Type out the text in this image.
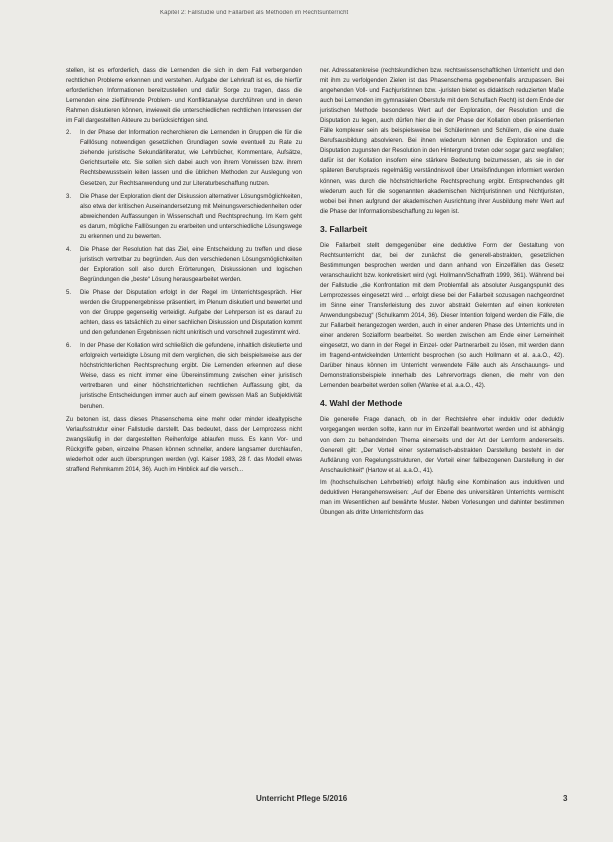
Kapitel 2: Fallstudie und Fallarbeit als Methoden im Rechtsunterricht

stellen, ist es erforderlich, dass die Lernenden die sich in dem Fall verbergenden rechtlichen Probleme erkennen und verstehen. Aufgabe der Lehrkraft ist es, die hierfür erforderlichen Informationen bereitzustellen und dafür Sorge zu tragen, dass die Lernenden eine zielführende Problem- und Konfliktanalyse durchführen und in deren Rahmen diskutieren können, inwieweit die unterschiedlichen rechtlichen Interessen der im Fall dargestellten Akteure zu berücksichtigen sind.

2.	In der Phase der Information recherchieren die Lernenden in Gruppen die für die Falllösung notwendigen gesetzlichen Grundlagen sowie eventuell zu Rate zu ziehende juristische Sekundärliteratur, wie Lehrbücher, Kommentare, Aufsätze, Gerichtsurteile etc. Sie sollen sich dabei auch von ihrem Vorwissen bzw. ihrem Rechtsbewusstsein leiten lassen und die üblichen Methoden zur Auslegung von Gesetzen, zur Rechtsanwendung und zur Literaturbeschaffung nutzen.
3.	Die Phase der Exploration dient der Diskussion alternativer Lösungsmöglichkeiten, also etwa der kritischen Auseinandersetzung mit Meinungsverschiedenheiten oder abweichenden Auffassungen in Wissenschaft und Rechtsprechung. Im Kern geht es darum, mögliche Falllösungen zu erarbeiten und unterschiedliche Lösungswege zu erkennen und zu bewerten.
4.	Die Phase der Resolution hat das Ziel, eine Entscheidung zu treffen und diese juristisch vertretbar zu begründen. Aus den verschiedenen Lösungsmöglichkeiten der Exploration soll also durch Erörterungen, Diskussionen und logischen Begründungen die „beste“ Lösung herausgearbeitet werden.
5.	Die Phase der Disputation erfolgt in der Regel im Unterrichtsgespräch. Hier werden die Gruppenergebnisse präsentiert, im Plenum diskutiert und bewertet und von der Gruppe gegenseitig verteidigt. Aufgabe der Lehrperson ist es darauf zu achten, dass es tatsächlich zu einer sachlichen Diskussion und Disputation kommt und den gefundenen Ergebnissen nicht unkritisch und vorschnell zugestimmt wird.
6.	In der Phase der Kollation wird schließlich die gefundene, inhaltlich diskutierte und erfolgreich verteidigte Lösung mit dem verglichen, die sich beispielsweise aus der höchstrichterlichen Rechtsprechung ergibt. Die Lernenden erkennen auf diese Weise, dass es nicht immer eine Übereinstimmung zwischen einer juristisch vertretbaren und einer höchstrichterlichen rechtlichen Auffassung gibt, da juristische Entscheidungen immer auch auf einem gewissen Maß an Subjektivität beruhen.

Zu betonen ist, dass dieses Phasenschema eine mehr oder minder idealtypische Verlaufsstruktur einer Fallstudie darstellt. Das bedeutet, dass der Lernprozess nicht zwangsläufig in der dargestellten Reihenfolge ablaufen muss. Es kann Vor- und Rückgriffe geben, einzelne Phasen können schneller, andere langsamer durchlaufen, wiederholt oder auch übersprungen werden (vgl. Kaiser 1983, 28 f. das Modell etwas straffend Rehmkamm 2014, 36). Auch im Hinblick auf die versch...

ner. Adressatenkreise (rechtskundlichen bzw. rechtswissenschaftlichen Unterricht und den mit ihm zu verfolgenden Zielen ist das Phasenschema gegebenenfalls anzupassen. Bei angehenden Voll- und Fachjuristinnen bzw. -juristen bietet es didaktisch reduzierten Maße auch bei Lernenden im gymnasialen Oberstufe mit dem Schulfach Recht) ist dem Ende der juristischen Methode besonderes Wert auf der Exploration, der Resolution und die Disputation zu legen, auch dürfen hier die in der Phase der Kollation oben präsentierten Fälle komplexer sein als beispielsweise bei Schülerinnen und Schülern, die eine duale Berufsausbildung absolvieren. Bei ihnen wiederum können die Exploration und die Disputation zugunsten der Resolution in den Hintergrund treten oder sogar ganz wegfallen; dafür ist der Kollation insofern eine stärkere Bedeutung beizumessen, als sie in der späteren Berufspraxis regelmäßig verständnisvoll über Urteilsfindungen informiert werden können, was durch die höchstrichterliche Rechtsprechung ergibt. Entsprechendes gilt wiederum auch für die sogenannten akademischen Nichtjuristinnen und Nichtjuristen, wobei bei ihnen aufgrund der akademischen Ausrichtung ihrer Ausbildung mehr Wert auf die Phase der Informationsbeschaffung zu legen ist.

3. Fallarbeit

Die Fallarbeit stellt demgegenüber eine deduktive Form der Gestaltung von Rechtsunterricht dar, bei der zunächst die generell-abstrakten, gesetzlichen Bestimmungen besprochen werden und dann anhand von Einzelfällen das Gesetz veranschaulicht bzw. konkretisiert wird (vgl. Hollmann/Schaffrath 1999, 361). Während bei der Fallstudie „die Konfrontation mit dem Problemfall als absoluter Ausgangspunkt des Lernprozesses eingesetzt wird ... erfolgt diese bei der Fallarbeit sozusagen nachgeordnet im Sinne einer Transferleistung des zuvor abstrakt Gelernten auf einen konkreten Anwendungsbezug“ (Schulkamm 2014, 36). Dieser Intention folgend werden die Fälle, die zur Fallarbeit herangezogen werden, auch in einer anderen Phase des Unterrichts und in einer anderen Sozialform bearbeitet. So werden zwischen am Ende einer Lerneinheit eingesetzt, wo dann in der Regel in Einzel- oder Partnerarbeit zu lösen, mit werden dann im fragend-entwickelnden Unterricht besprochen (so auch Hollmann et al. a.a.O., 42). Darüber hinaus können im Unterricht verwendete Fälle auch als Anschauungs- und Demonstrationsbeispiele innerhalb des Lehrervortrags dienen, die mehr von den Lernenden bearbeitet werden sollen (Wanke et al. a.a.O., 42).

4. Wahl der Methode

Die generelle Frage danach, ob in der Rechtslehre eher induktiv oder deduktiv vorgegangen werden sollte, kann nur im Einzelfall beantwortet werden und ist abhängig von dem zu behandelnden Thema einerseits und der Art der Lernform andererseits. Generell gilt: „Der Vorteil einer systematisch-abstrakten Darstellung besteht in der Aufklärung von Regelungsstrukturen, der Vorteil einer fallbezogenen Darstellung in der Anschaulichkeit“ (Hartow et al. a.a.O., 41).

Im (hochschulischen Lehrbetrieb) erfolgt häufig eine Kombination aus induktiven und deduktiven Herangehensweisen: „Auf der Ebene des universitären Unterrichts vermischt man im Wesentlichen auf bewährte Muster. Neben Vorlesungen und dahinter bestimmen Übungen als dritte Unterrichtsform das

Unterricht Pflege 5/2016	3
